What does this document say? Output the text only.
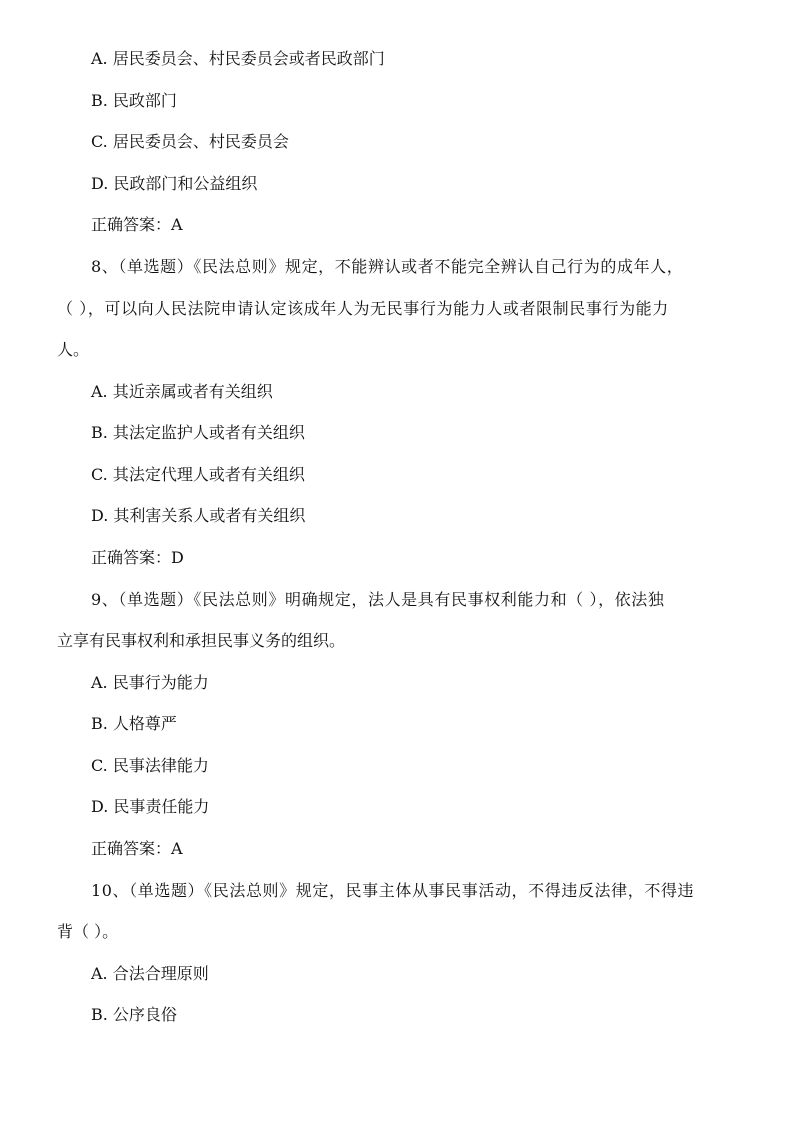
A. 居民委员会、村民委员会或者民政部门
B. 民政部门
C. 居民委员会、村民委员会
D. 民政部门和公益组织
正确答案：A
8、（单选题）《民法总则》规定，不能辨认或者不能完全辨认自己行为的成年人，
（ ），可以向人民法院申请认定该成年人为无民事行为能力人或者限制民事行为能力
人。
A. 其近亲属或者有关组织
B. 其法定监护人或者有关组织
C. 其法定代理人或者有关组织
D. 其利害关系人或者有关组织
正确答案：D
9、（单选题）《民法总则》明确规定，法人是具有民事权利能力和（ ），依法独
立享有民事权利和承担民事义务的组织。
A. 民事行为能力
B. 人格尊严
C. 民事法律能力
D. 民事责任能力
正确答案：A
10、（单选题）《民法总则》规定，民事主体从事民事活动，不得违反法律，不得违
背（ ）。
A. 合法合理原则
B. 公序良俗
